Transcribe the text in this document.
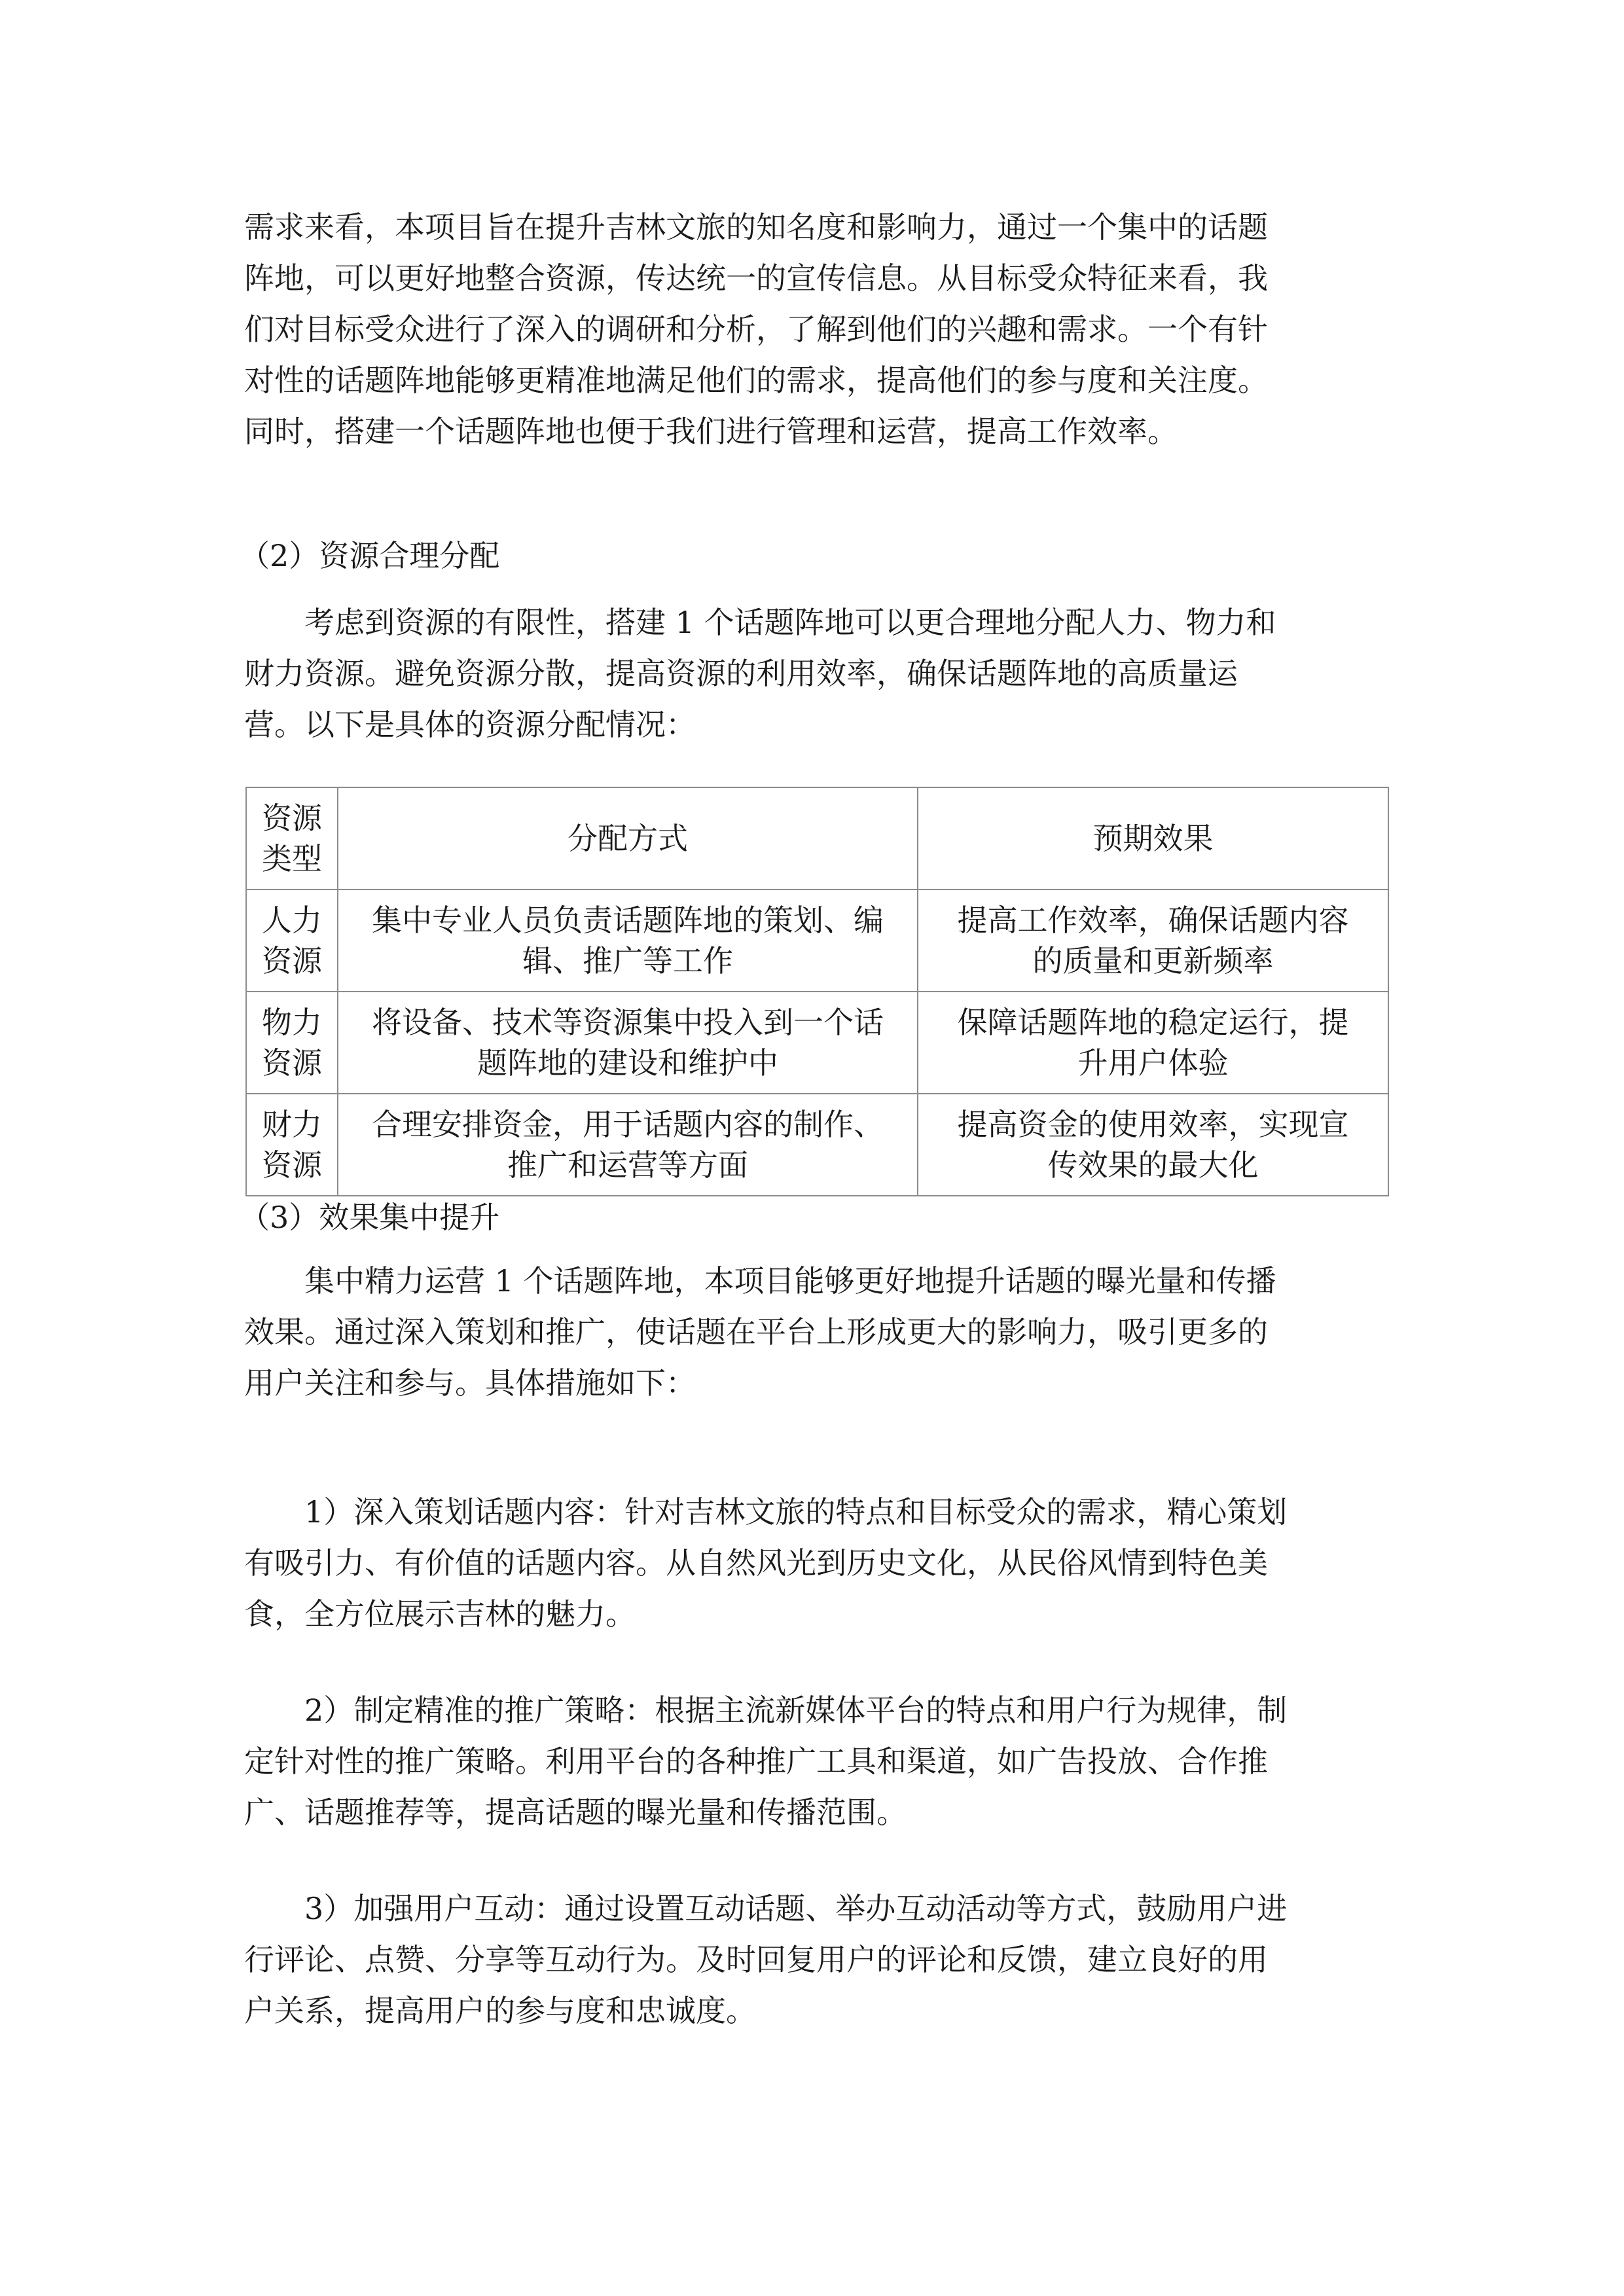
需求来看，本项目旨在提升吉林文旅的知名度和影响力，通过一个集中的话题
阵地，可以更好地整合资源，传达统一的宣传信息。从目标受众特征来看，我
们对目标受众进行了深入的调研和分析，了解到他们的兴趣和需求。一个有针
对性的话题阵地能够更精准地满足他们的需求，提高他们的参与度和关注度。
同时，搭建一个话题阵地也便于我们进行管理和运营，提高工作效率。

（2）资源合理分配

　　考虑到资源的有限性，搭建 1 个话题阵地可以更合理地分配人力、物力和
财力资源。避免资源分散，提高资源的利用效率，确保话题阵地的高质量运
营。以下是具体的资源分配情况：
资源
类型	分配方式	预期效果

人力
资源	集中专业人员负责话题阵地的策划、编
辑、推广等工作	提高工作效率，确保话题内容
的质量和更新频率

物力
资源	将设备、技术等资源集中投入到一个话
题阵地的建设和维护中	保障话题阵地的稳定运行，提
升用户体验

财力
资源	合理安排资金，用于话题内容的制作、
推广和运营等方面	提高资金的使用效率，实现宣
传效果的最大化

（3）效果集中提升

　　集中精力运营 1 个话题阵地，本项目能够更好地提升话题的曝光量和传播
效果。通过深入策划和推广，使话题在平台上形成更大的影响力，吸引更多的
用户关注和参与。具体措施如下：
　　1）深入策划话题内容：针对吉林文旅的特点和目标受众的需求，精心策划
有吸引力、有价值的话题内容。从自然风光到历史文化，从民俗风情到特色美
食，全方位展示吉林的魅力。
　　2）制定精准的推广策略：根据主流新媒体平台的特点和用户行为规律，制
定针对性的推广策略。利用平台的各种推广工具和渠道，如广告投放、合作推
广、话题推荐等，提高话题的曝光量和传播范围。
　　3）加强用户互动：通过设置互动话题、举办互动活动等方式，鼓励用户进
行评论、点赞、分享等互动行为。及时回复用户的评论和反馈，建立良好的用
户关系，提高用户的参与度和忠诚度。
